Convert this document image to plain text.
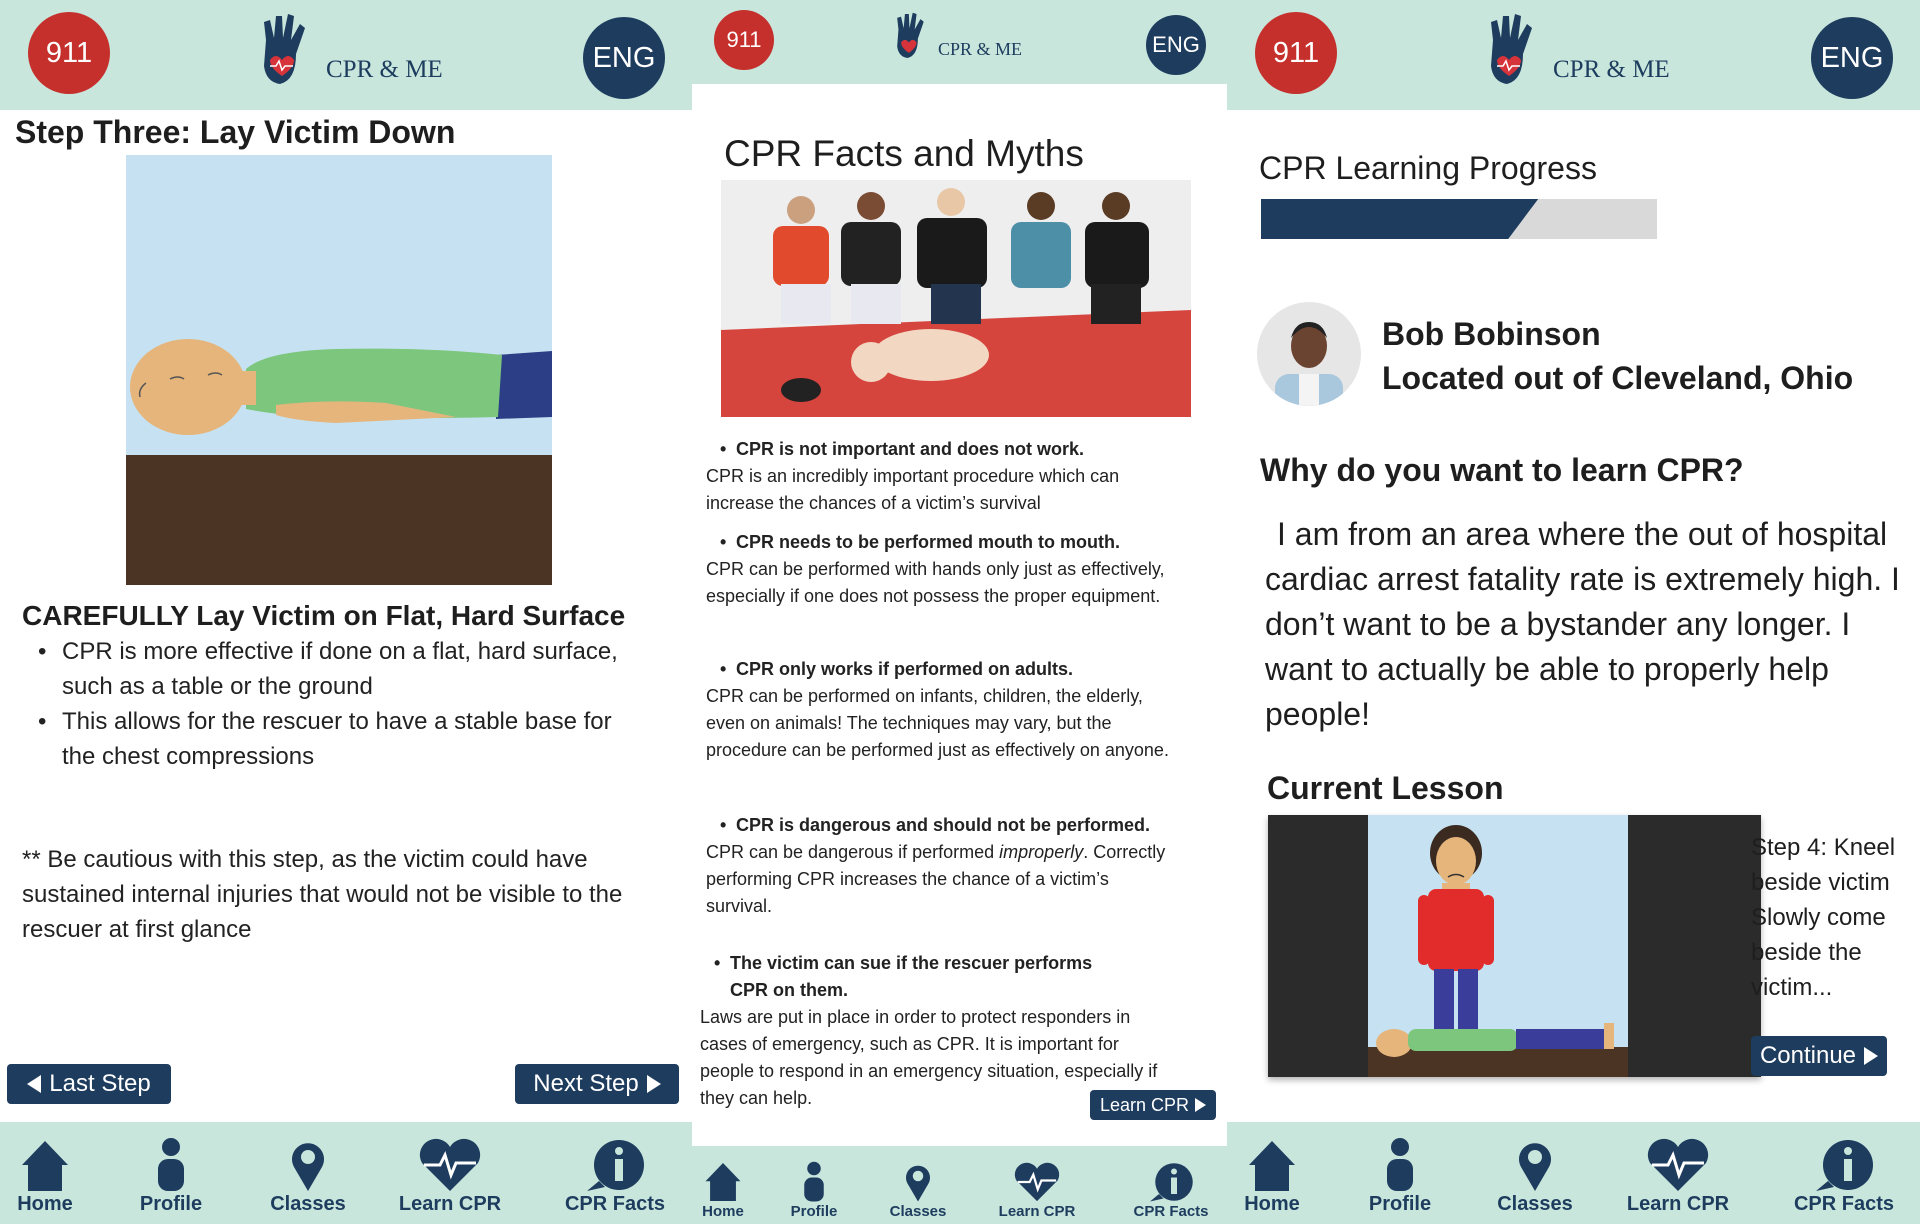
911
CPR & ME	ENG
Step Three: Lay Victim Down
CAREFULLY Lay Victim on Flat, Hard Surface
• CPR is more effective if done on a flat, hard surface, such as a table or the ground
• This allows for the rescuer to have a stable base for the chest compressions
** Be cautious with this step, as the victim could have sustained internal injuries that would not be visible to the rescuer at first glance
Last Step	Next Step
Home	Profile	Classes	Learn CPR	CPR Facts
911	CPR & ME	ENG
CPR Facts and Myths
• CPR is not important and does not work.
CPR is an incredibly important procedure which can increase the chances of a victim’s survival
• CPR needs to be performed mouth to mouth.
CPR can be performed with hands only just as effectively, especially if one does not possess the proper equipment.
• CPR only works if performed on adults.
CPR can be performed on infants, children, the elderly, even on animals! The techniques may vary, but the procedure can be performed just as effectively on anyone.
• CPR is dangerous and should not be performed.
CPR can be dangerous if performed improperly. Correctly performing CPR increases the chance of a victim’s survival.
• The victim can sue if the rescuer performs CPR on them.
Laws are put in place in order to protect responders in cases of emergency, such as CPR. It is important for people to respond in an emergency situation, especially if they can help.	Learn CPR
Home	Profile	Classes	Learn CPR	CPR Facts
911
CPR & ME	ENG
CPR Learning Progress
Bob Bobinson
Located out of Cleveland, Ohio
Why do you want to learn CPR?
I am from an area where the out of hospital cardiac arrest fatality rate is extremely high. I don’t want to be a bystander any longer. I want to actually be able to properly help people!
Current Lesson
Step 4: Kneel beside victim
Slowly come beside the victim...
Continue
Home	Profile	Classes	Learn CPR	CPR Facts
